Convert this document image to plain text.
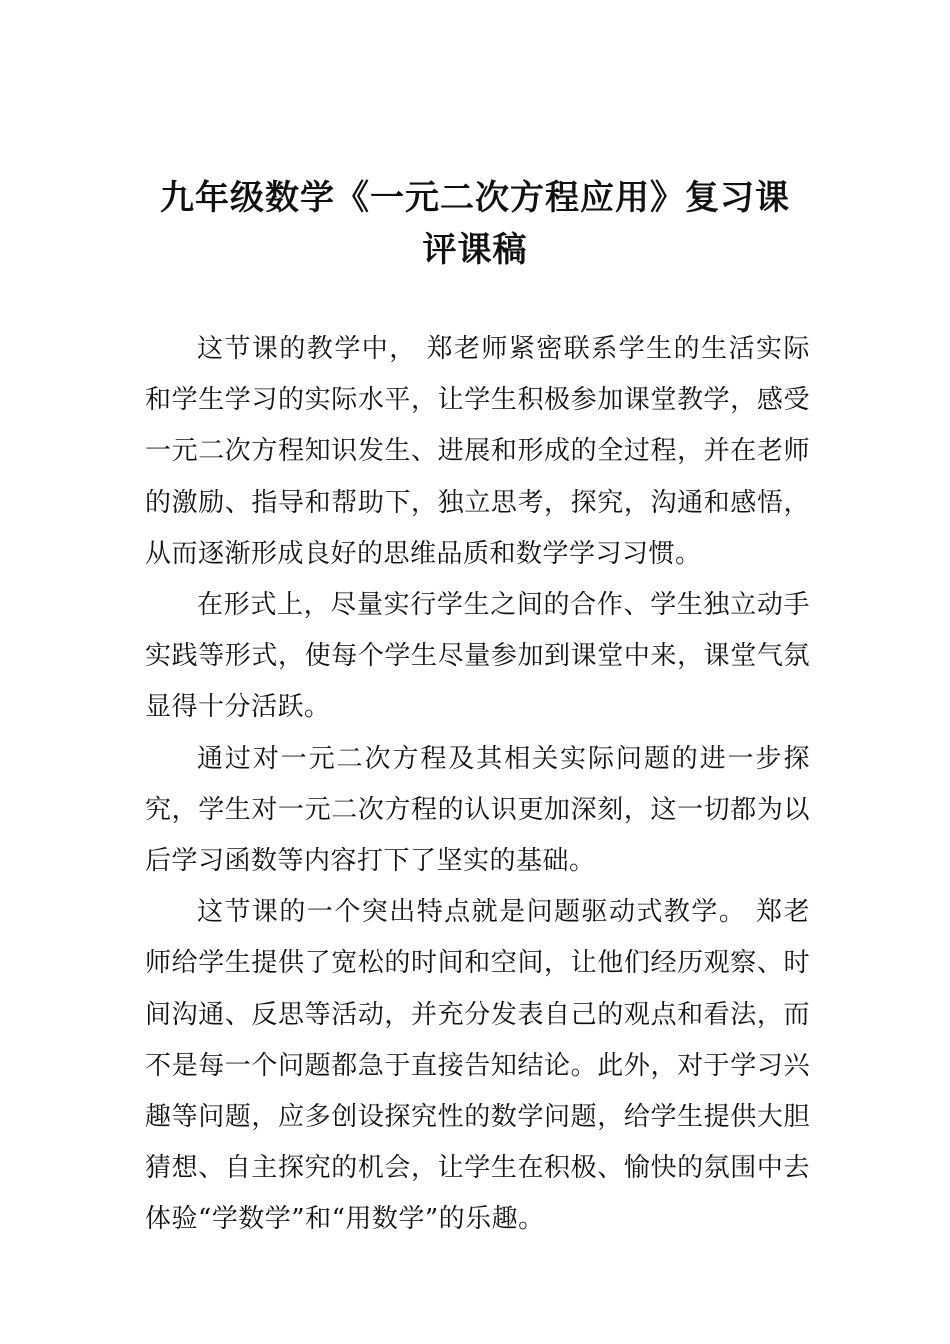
九年级数学《一元二次方程应用》复习课
评课稿

这节课的教学中， 郑老师紧密联系学生的生活实际和学生学习的实际水平，让学生积极参加课堂教学，感受一元二次方程知识发生、进展和形成的全过程，并在老师的激励、指导和帮助下，独立思考，探究，沟通和感悟，从而逐渐形成良好的思维品质和数学学习习惯。

在形式上，尽量实行学生之间的合作、学生独立动手实践等形式，使每个学生尽量参加到课堂中来，课堂气氛显得十分活跃。

通过对一元二次方程及其相关实际问题的进一步探究，学生对一元二次方程的认识更加深刻，这一切都为以后学习函数等内容打下了坚实的基础。

这节课的一个突出特点就是问题驱动式教学。 郑老师给学生提供了宽松的时间和空间，让他们经历观察、时间沟通、反思等活动，并充分发表自己的观点和看法，而不是每一个问题都急于直接告知结论。此外，对于学习兴趣等问题，应多创设探究性的数学问题，给学生提供大胆猜想、自主探究的机会，让学生在积极、愉快的氛围中去体验“学数学”和“用数学”的乐趣。
